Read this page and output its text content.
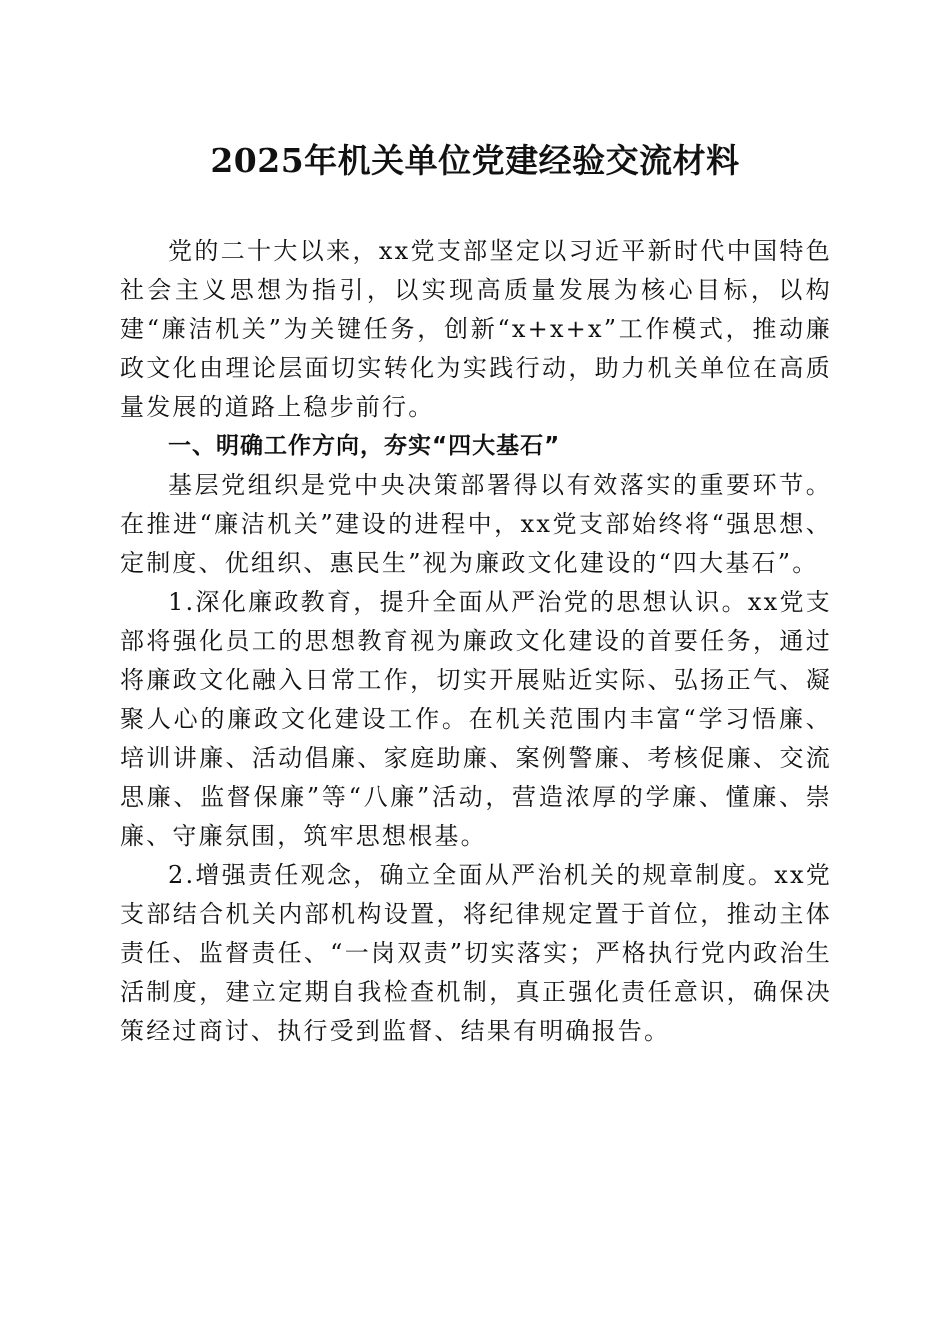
2025年机关单位党建经验交流材料

党的二十大以来，xx党支部坚定以习近平新时代中国特色社会主义思想为指引，以实现高质量发展为核心目标，以构建“廉洁机关”为关键任务，创新“x+x+x”工作模式，推动廉政文化由理论层面切实转化为实践行动，助力机关单位在高质量发展的道路上稳步前行。

一、明确工作方向，夯实“四大基石”

基层党组织是党中央决策部署得以有效落实的重要环节。在推进“廉洁机关”建设的进程中，xx党支部始终将“强思想、定制度、优组织、惠民生”视为廉政文化建设的“四大基石”。

1.深化廉政教育，提升全面从严治党的思想认识。xx党支部将强化员工的思想教育视为廉政文化建设的首要任务，通过将廉政文化融入日常工作，切实开展贴近实际、弘扬正气、凝聚人心的廉政文化建设工作。在机关范围内丰富“学习悟廉、培训讲廉、活动倡廉、家庭助廉、案例警廉、考核促廉、交流思廉、监督保廉”等“八廉”活动，营造浓厚的学廉、懂廉、崇廉、守廉氛围，筑牢思想根基。

2.增强责任观念，确立全面从严治机关的规章制度。xx党支部结合机关内部机构设置，将纪律规定置于首位，推动主体责任、监督责任、“一岗双责”切实落实；严格执行党内政治生活制度，建立定期自我检查机制，真正强化责任意识，确保决策经过商讨、执行受到监督、结果有明确报告。
